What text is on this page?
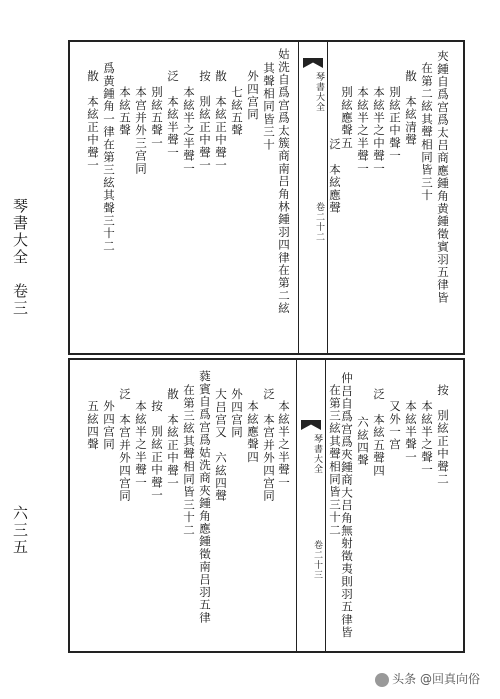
琴書大全　卷三
六三五
琴書大全
卷二十二	夾鍾自爲宫爲太吕商應鍾角黄鍾徵賓羽五律皆
在第二絃其聲相同皆三十
散　本絃清聲
別絃正中聲一
本絃半之中聲一
本絃半之半聲一
別絃應聲五
泛　本絃應聲
姑洗自爲宫爲太簇商南吕角林鍾羽四律在第二絃
其聲相同皆三十
外四宫同
七絃五聲
散　本絃正中聲一
按　別絃正中聲一
本絃半之半聲一
泛　本絃半聲一
別絃五聲一
本宫并外三宫同
本絃五聲
爲黄鍾角一律在第三絃其聲三十二
散　本絃正中聲一
琴書大全
卷二十三
按　別絃正中聲二
本絃半之聲一
本絃半聲一
又外一宫
泛　本絃五聲四
六絃四聲
仲吕自爲宫爲夾鍾商大吕角無射徵夷則羽五律皆
在第三絃其聲相同皆三十二
本絃半之半聲一
泛　本宫并外四宫同
本絃應聲四
外四宫同
大吕宫又　六絃四聲
蕤賓自爲宫爲姑洗商夾鍾角應鍾徵南吕羽五律
在第三絃其聲相同皆三十二
散　本絃正中聲一
按　別絃正中聲一
本絃半之半聲一
泛　本宫并外四宫同
外四宫同
五絃四聲
头条 @回真向俗
